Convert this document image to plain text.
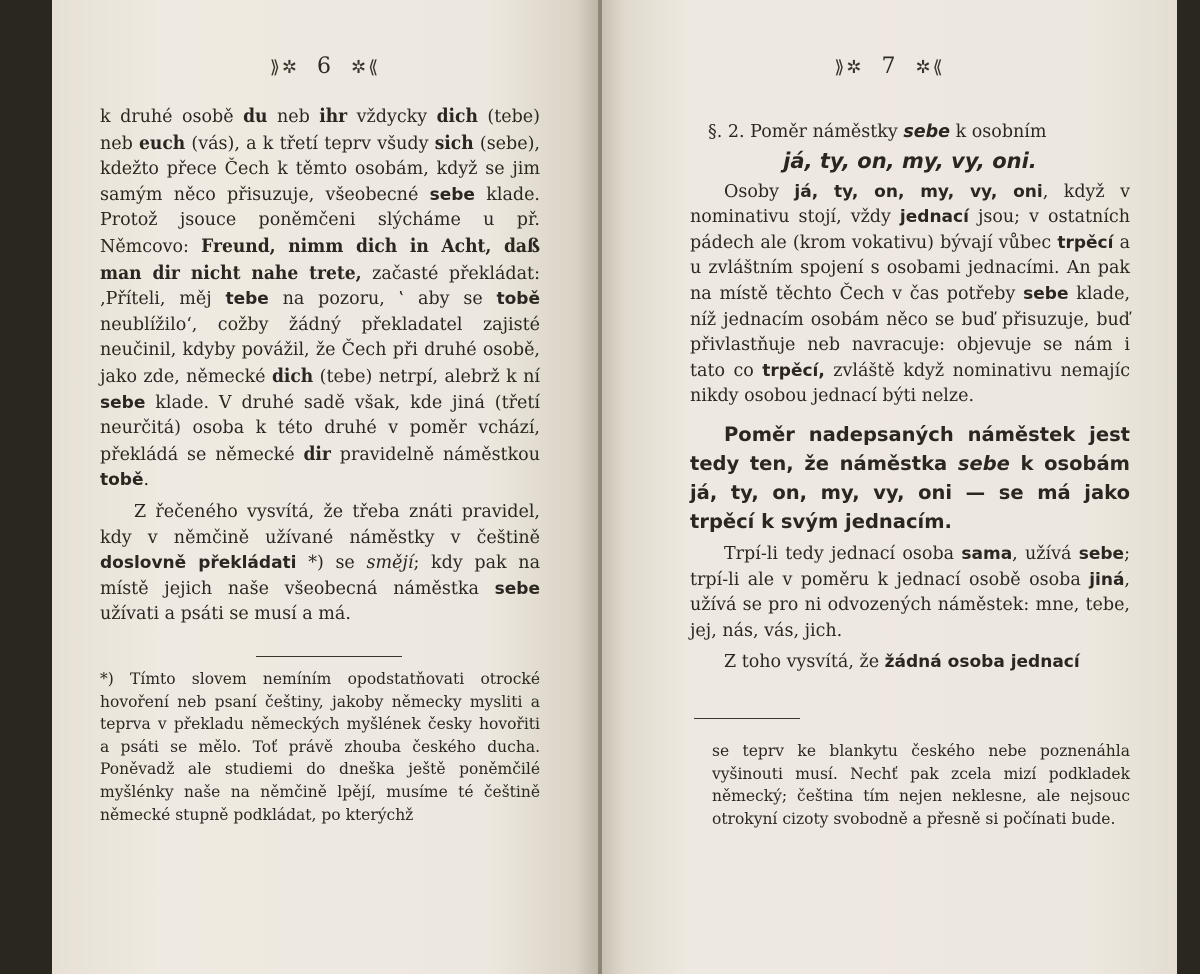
⟫✲ 6 ✲⟪

k druhé osobě du neb ihr vždycky dich (tebe) neb euch (vás), a k třetí teprv všudy sich (sebe), kdežto přece Čech k těmto osobám, když se jim samým něco přisuzuje, všeobecné sebe klade. Protož jsouce poněmčeni slýcháme u př. Němcovo: Freund, nimm dich in Acht, daß man dir nicht nahe trete, začasté překládat: ‚Příteli, měj tebe na pozoru, ‛ aby se tobě neublížilo‘, cožby žádný překladatel zajisté neučinil, kdyby povážil, že Čech při druhé osobě, jako zde, německé dich (tebe) netrpí, alebrž k ní sebe klade. V druhé sadě však, kde jiná (třetí neurčitá) osoba k této druhé v poměr vchází, překládá se německé dir pravidelně náměstkou tobě.

Z řečeného vysvítá, že třeba znáti pravidel, kdy v němčině užívané náměstky v češtině doslovně překládati *) se smějí; kdy pak na místě jejich naše všeobecná náměstka sebe užívati a psáti se musí a má.

*) Tímto slovem nemíním opodstatňovati otrocké hovoření neb psaní češtiny, jakoby německy mysliti a teprva v překladu německých myšlének česky hovořiti a psáti se mělo. Toť právě zhouba českého ducha. Poněvadž ale studiemi do dneška ještě poněmčilé myšlénky naše na němčině lpějí, musíme té češtině německé stupně podkládat, po kterýchž

⟫✲ 7 ✲⟪

§. 2. Poměr náměstky sebe k osobním

já, ty, on, my, vy, oni.

Osoby já, ty, on, my, vy, oni, když v nominativu stojí, vždy jednací jsou; v ostatních pádech ale (krom vokativu) bývají vůbec trpěcí a u zvláštním spojení s osobami jednacími. An pak na místě těchto Čech v čas potřeby sebe klade, níž jednacím osobám něco se buď přisuzuje, buď přivlastňuje neb navracuje: objevuje se nám i tato co trpěcí, zvláště když nominativu nemajíc nikdy osobou jednací býti nelze.

Poměr nadepsaných náměstek jest tedy ten, že náměstka sebe k osobám já, ty, on, my, vy, oni — se má jako trpěcí k svým jednacím.

Trpí-li tedy jednací osoba sama, užívá sebe; trpí-li ale v poměru k jednací osobě osoba jiná, užívá se pro ni odvozených náměstek: mne, tebe, jej, nás, vás, jich.

Z toho vysvítá, že žádná osoba jednací

se teprv ke blankytu českého nebe poznenáhla vyšinouti musí. Nechť pak zcela mizí podkladek německý; čeština tím nejen neklesne, ale nejsouc otrokyní cizoty svobodně a přesně si počínati bude.
